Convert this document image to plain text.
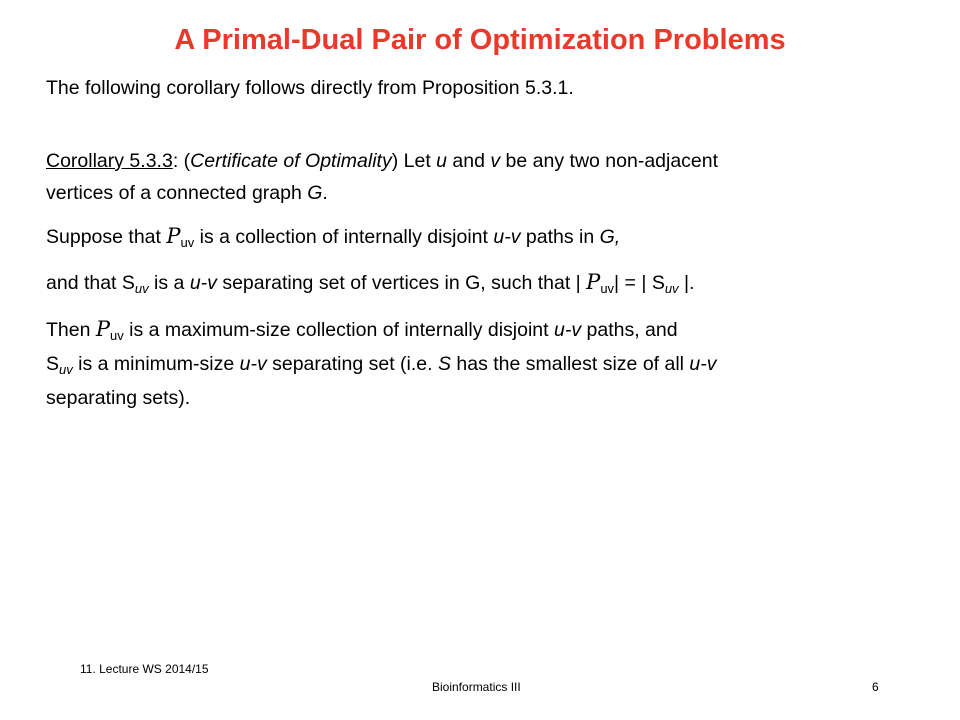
A Primal-Dual Pair of Optimization Problems
The following corollary follows directly from Proposition 5.3.1.
Corollary 5.3.3: (Certificate of Optimality) Let u and v be any two non-adjacent
vertices of a connected graph G.
Suppose that $P_{uv}$ is a collection of internally disjoint u-v paths in G,
and that $S_{uv}$ is a u-v separating set of vertices in G, such that | $P_{uv}|$ = | $S_{uv}$ |.
Then $P_{uv}$ is a maximum-size collection of internally disjoint u-v paths, and
$S_{uv}$ is a minimum-size u-v separating set (i.e. S has the smallest size of all u-v
separating sets).
11. Lecture WS 2014/15
Bioinformatics III	6
